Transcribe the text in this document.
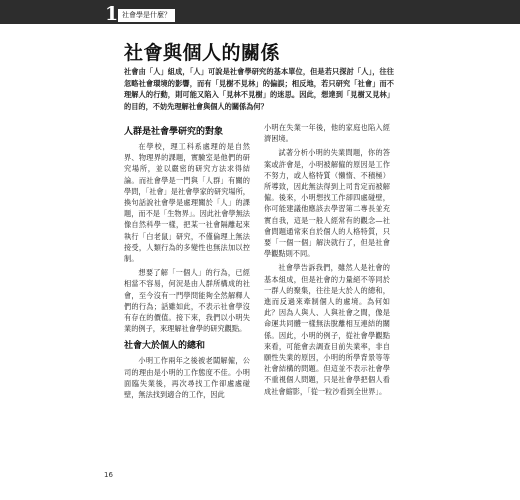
1 社會學是什麼？
社會與個人的關係
社會由「人」組成，「人」可說是社會學研究的基本單位，但是若只探討「人」，往往忽略社會環境的影響，而有「見樹不見林」的偏誤；相反地，若只研究「社會」而不理解人的行動，則可能又陷入「見林不見樹」的迷思。因此，想達到「見樹又見林」的目的，不妨先理解社會與個人的關係為何？
人群是社會學研究的對象

在學校，理工科系處理的是自然界、物理界的課題，實驗室是他們的研究場所，並以嚴密的研究方法求得結論。而社會學是一門與「人群」有關的學問，「社會」是社會學家的研究場所，換句話說社會學是處理關於「人」的課題，而不是「生物界」。因此社會學無法像自然科學一樣，把某一社會隔離起來執行「白老鼠」研究，不僅倫理上無法接受，人類行為的多變性也無法加以控制。

想要了解「一個人」的行為，已經相當不容易，何況是由人群所構成的社會，至今沒有一門學問能夠全然解釋人們的行為；話雖如此，不表示社會學沒有存在的價值。接下來，我們以小明失業的例子，來理解社會學的研究觀點。

社會大於個人的總和

小明工作兩年之後被老闆解僱，公司的理由是小明的工作態度不佳。小明面臨失業後，再次尋找工作卻處處碰壁，無法找到適合的工作，因此

小明在失業一年後，他的家庭也陷入經濟困境。

試著分析小明的失業問題，你的答案或許會是，小明被解僱的原因是工作不努力，或人格特質（懶惰、不積極）所導致，因此無法得到上司肯定而被解僱。後來，小明想找工作卻四處碰壁，你可能建議他應該去學習第二專長並充實自我，這是一般人經常有的觀念—社會問題通常來自於個人的人格特質，只要「一個一個」解決就行了，但是社會學觀點則不同。

社會學告訴我們，雖然人是社會的基本組成，但是社會的力量絕不等同於一群人的聚集，往往是大於人的總和，進而反過來牽制個人的處境。為何如此？因為人與人、人與社會之間，像是命運共同體一樣無法脫離相互連結的關係。因此，小明的例子，從社會學觀點來看，可能會去調查目前失業率，非自願性失業的原因，小明的所學背景等等社會結構的問題。但這並不表示社會學不重視個人問題，只是社會學把個人看成社會縮影，「從一粒沙看到全世界」。

16
